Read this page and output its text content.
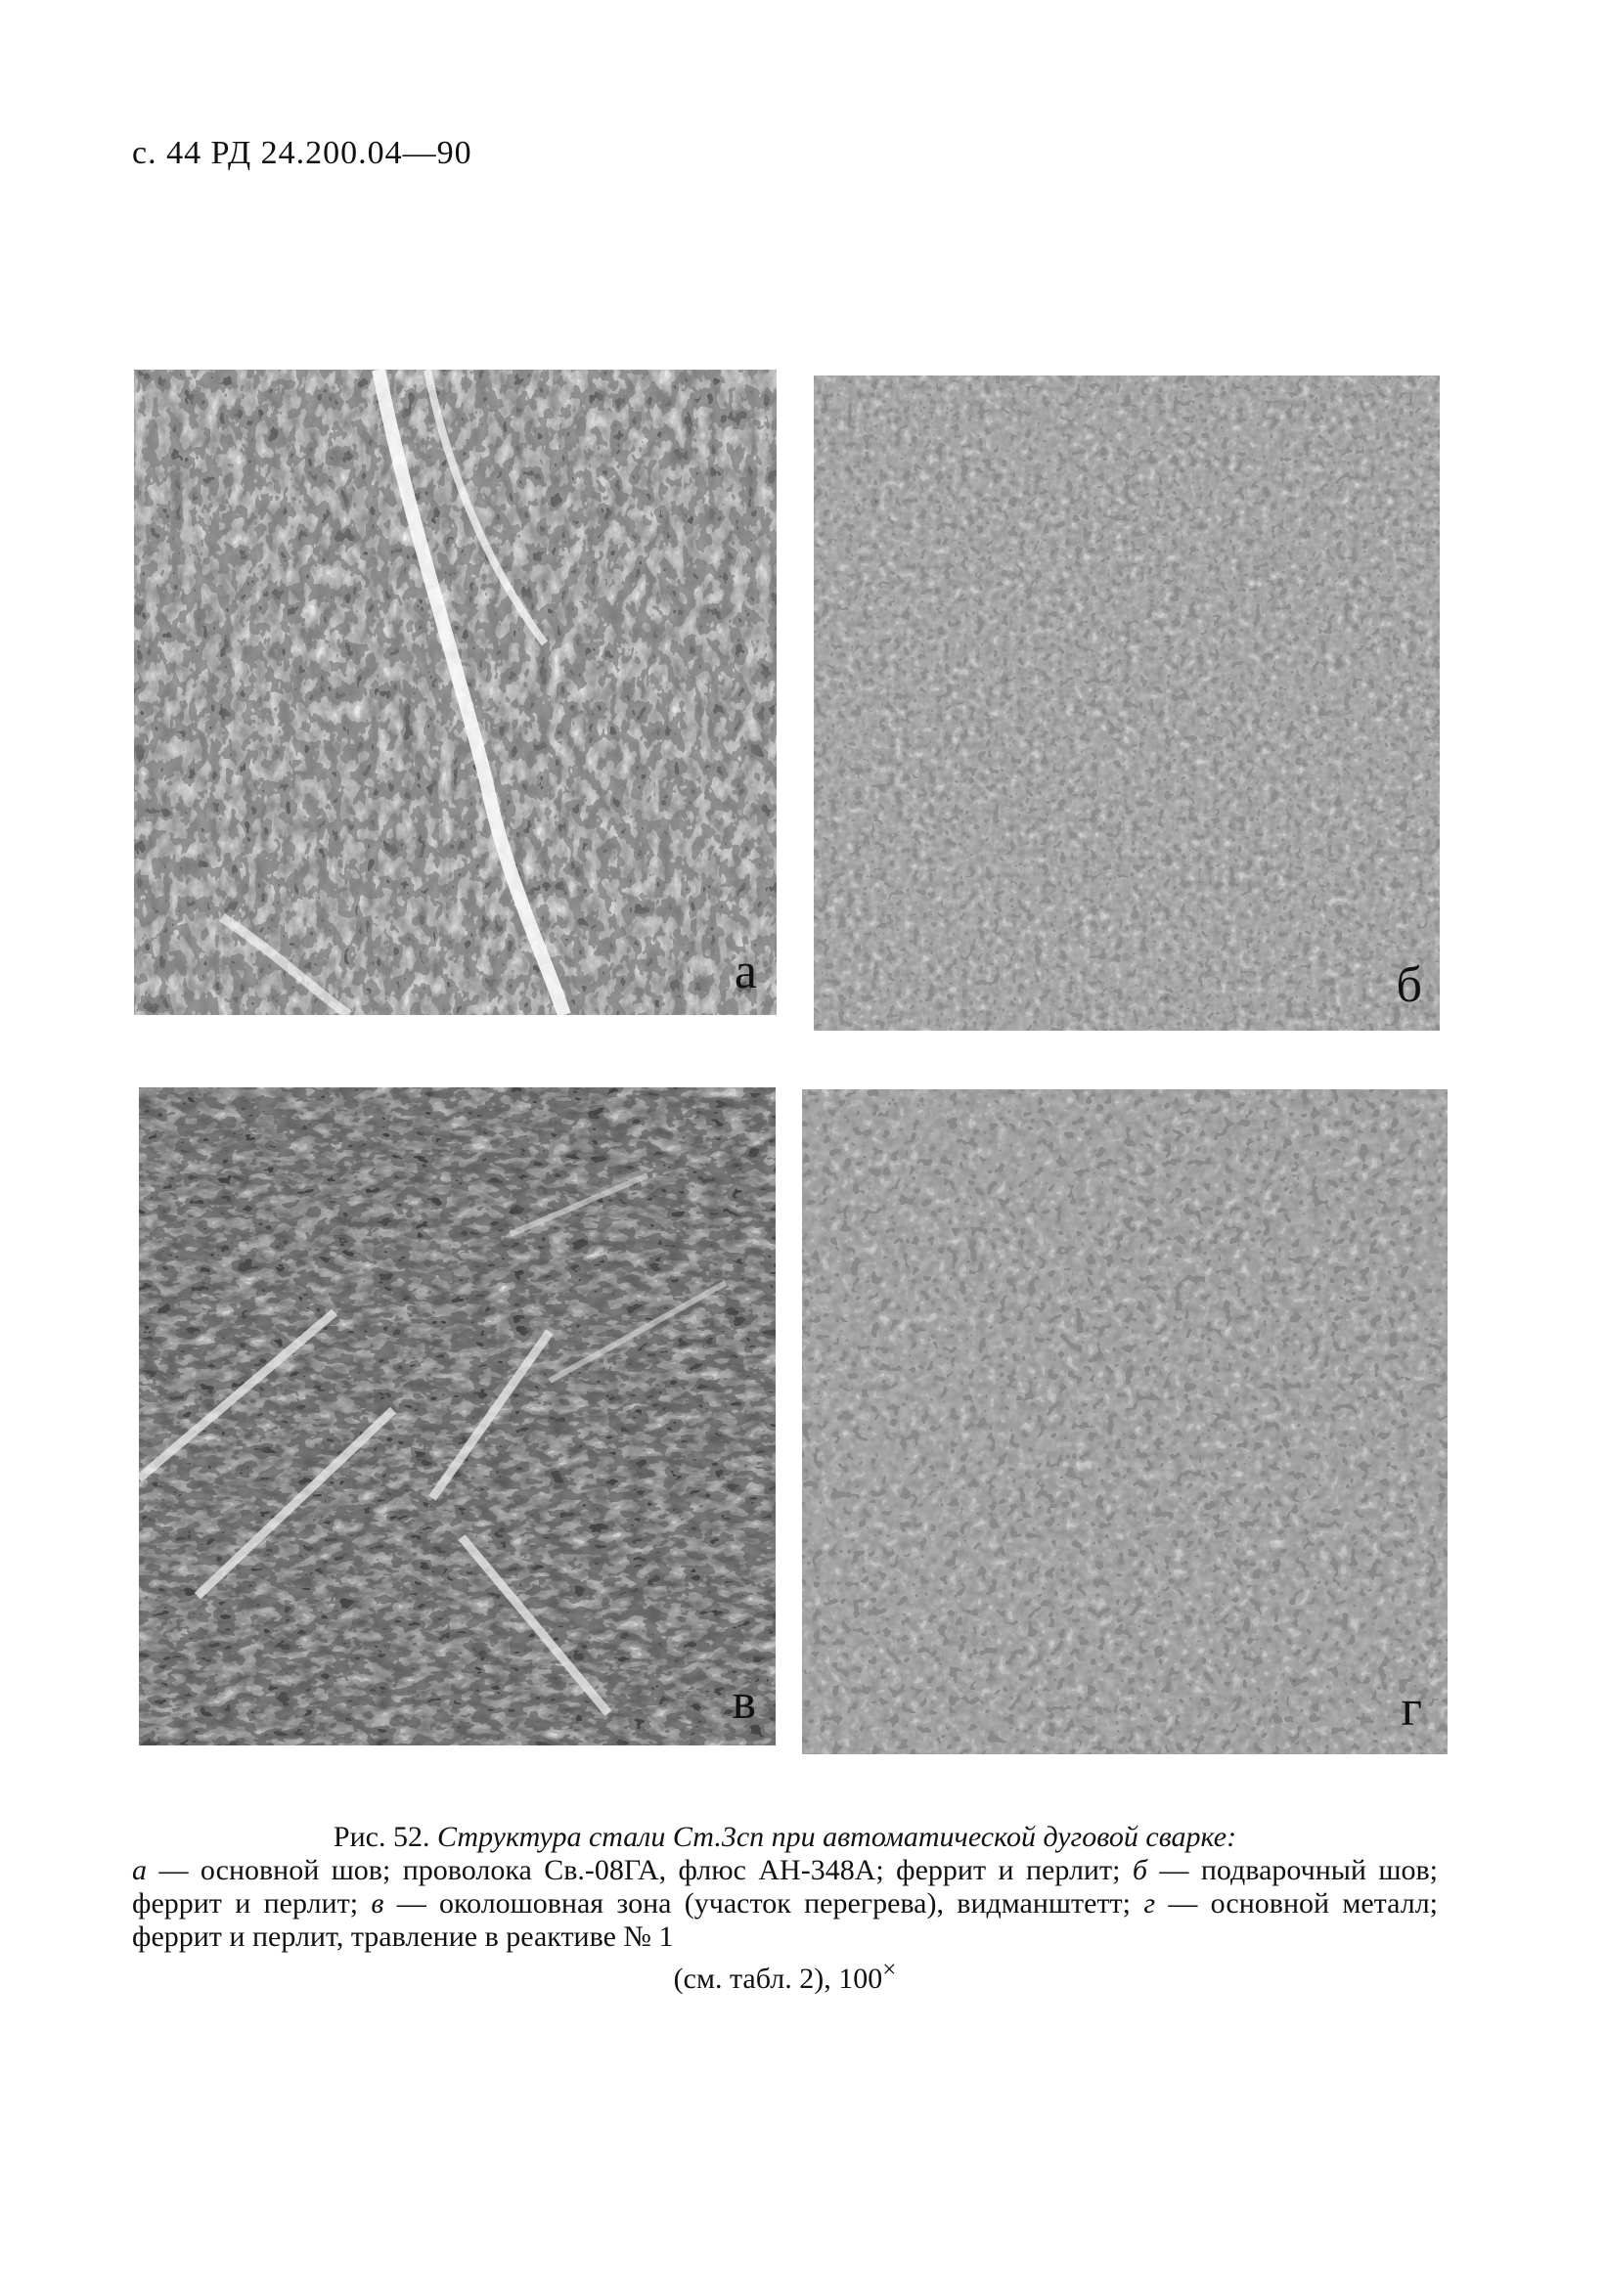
с. 44 РД 24.200.04—90
а	б
в	г
Рис. 52. Структура стали Ст.3сп при автоматической дуговой сварке:
а — основной шов; проволока Св.-08ГА, флюс АН-348А; феррит и перлит; б — подварочный шов; феррит и перлит; в — околошовная зона (участок перегрева), видманштетт; г — основной металл; феррит и перлит, травление в реактиве № 1
(см. табл. 2), 100×
